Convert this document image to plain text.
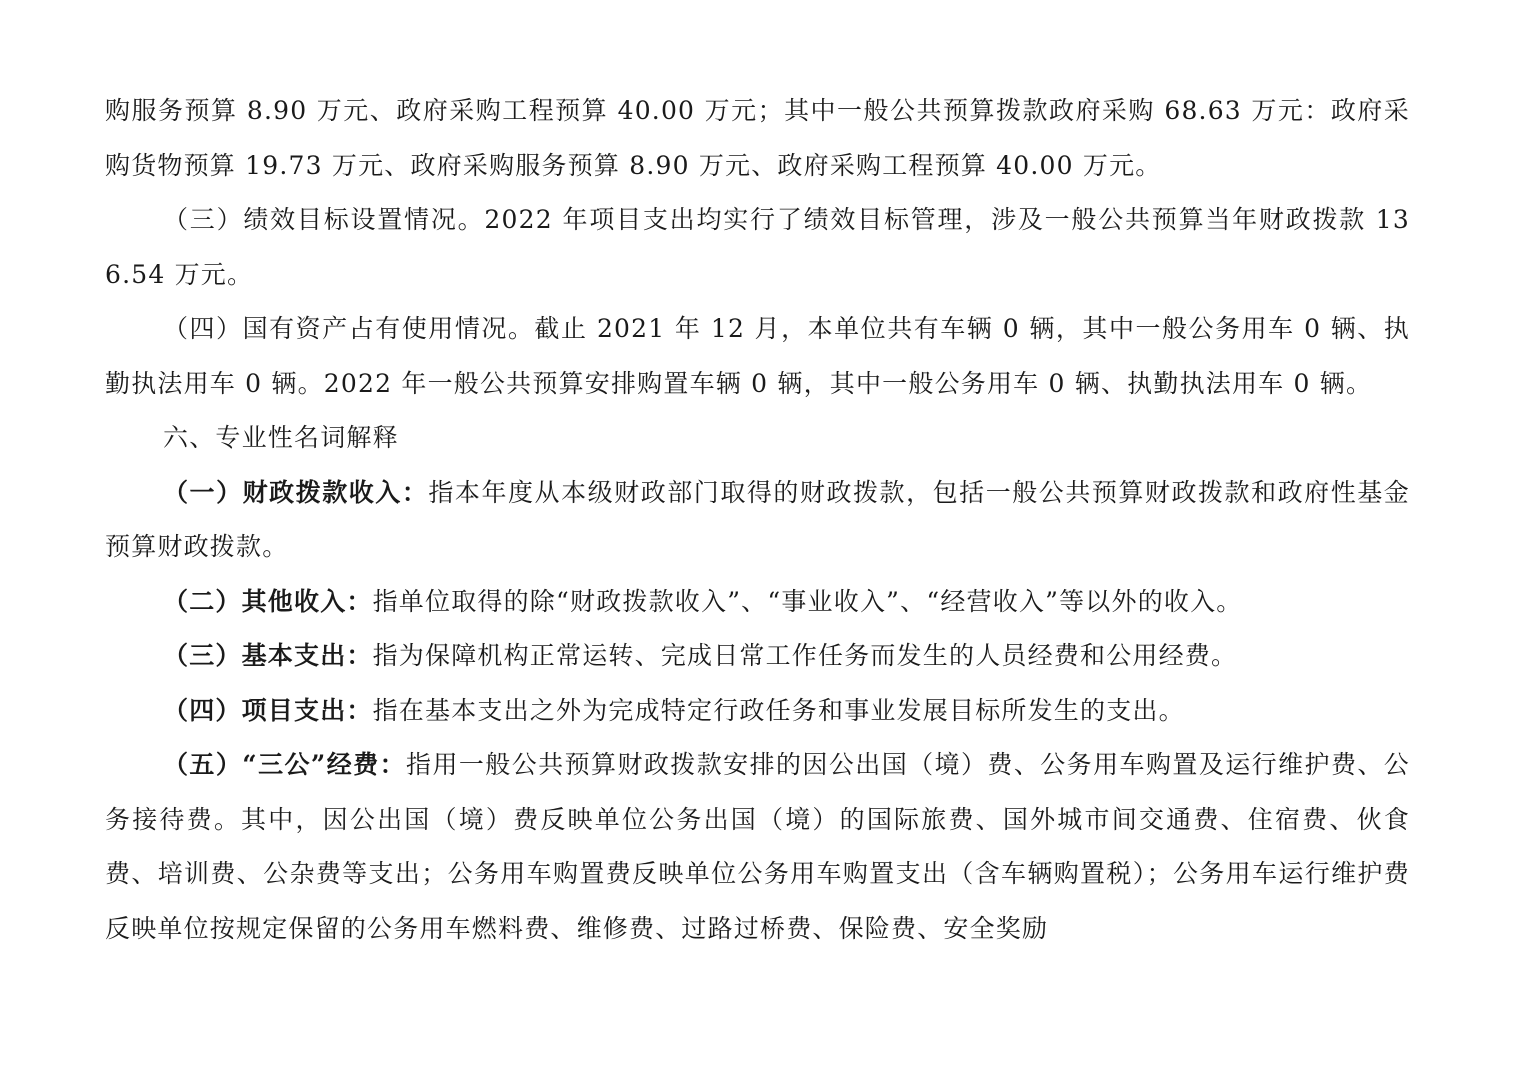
购服务预算 8.90 万元、政府采购工程预算 40.00 万元；其中一般公共预算拨款政府采购 68.63 万元：政府采购货物预算 19.73 万元、政府采购服务预算 8.90 万元、政府采购工程预算 40.00 万元。

（三）绩效目标设置情况。2022 年项目支出均实行了绩效目标管理，涉及一般公共预算当年财政拨款 136.54 万元。

（四）国有资产占有使用情况。截止 2021 年 12 月，本单位共有车辆 0 辆，其中一般公务用车 0 辆、执勤执法用车 0 辆。2022 年一般公共预算安排购置车辆 0 辆，其中一般公务用车 0 辆、执勤执法用车 0 辆。

六、专业性名词解释

（一）财政拨款收入：指本年度从本级财政部门取得的财政拨款，包括一般公共预算财政拨款和政府性基金预算财政拨款。

（二）其他收入：指单位取得的除“财政拨款收入”、“事业收入”、“经营收入”等以外的收入。

（三）基本支出：指为保障机构正常运转、完成日常工作任务而发生的人员经费和公用经费。

（四）项目支出：指在基本支出之外为完成特定行政任务和事业发展目标所发生的支出。

（五）“三公”经费：指用一般公共预算财政拨款安排的因公出国（境）费、公务用车购置及运行维护费、公务接待费。其中，因公出国（境）费反映单位公务出国（境）的国际旅费、国外城市间交通费、住宿费、伙食费、培训费、公杂费等支出；公务用车购置费反映单位公务用车购置支出（含车辆购置税）；公务用车运行维护费反映单位按规定保留的公务用车燃料费、维修费、过路过桥费、保险费、安全奖励
